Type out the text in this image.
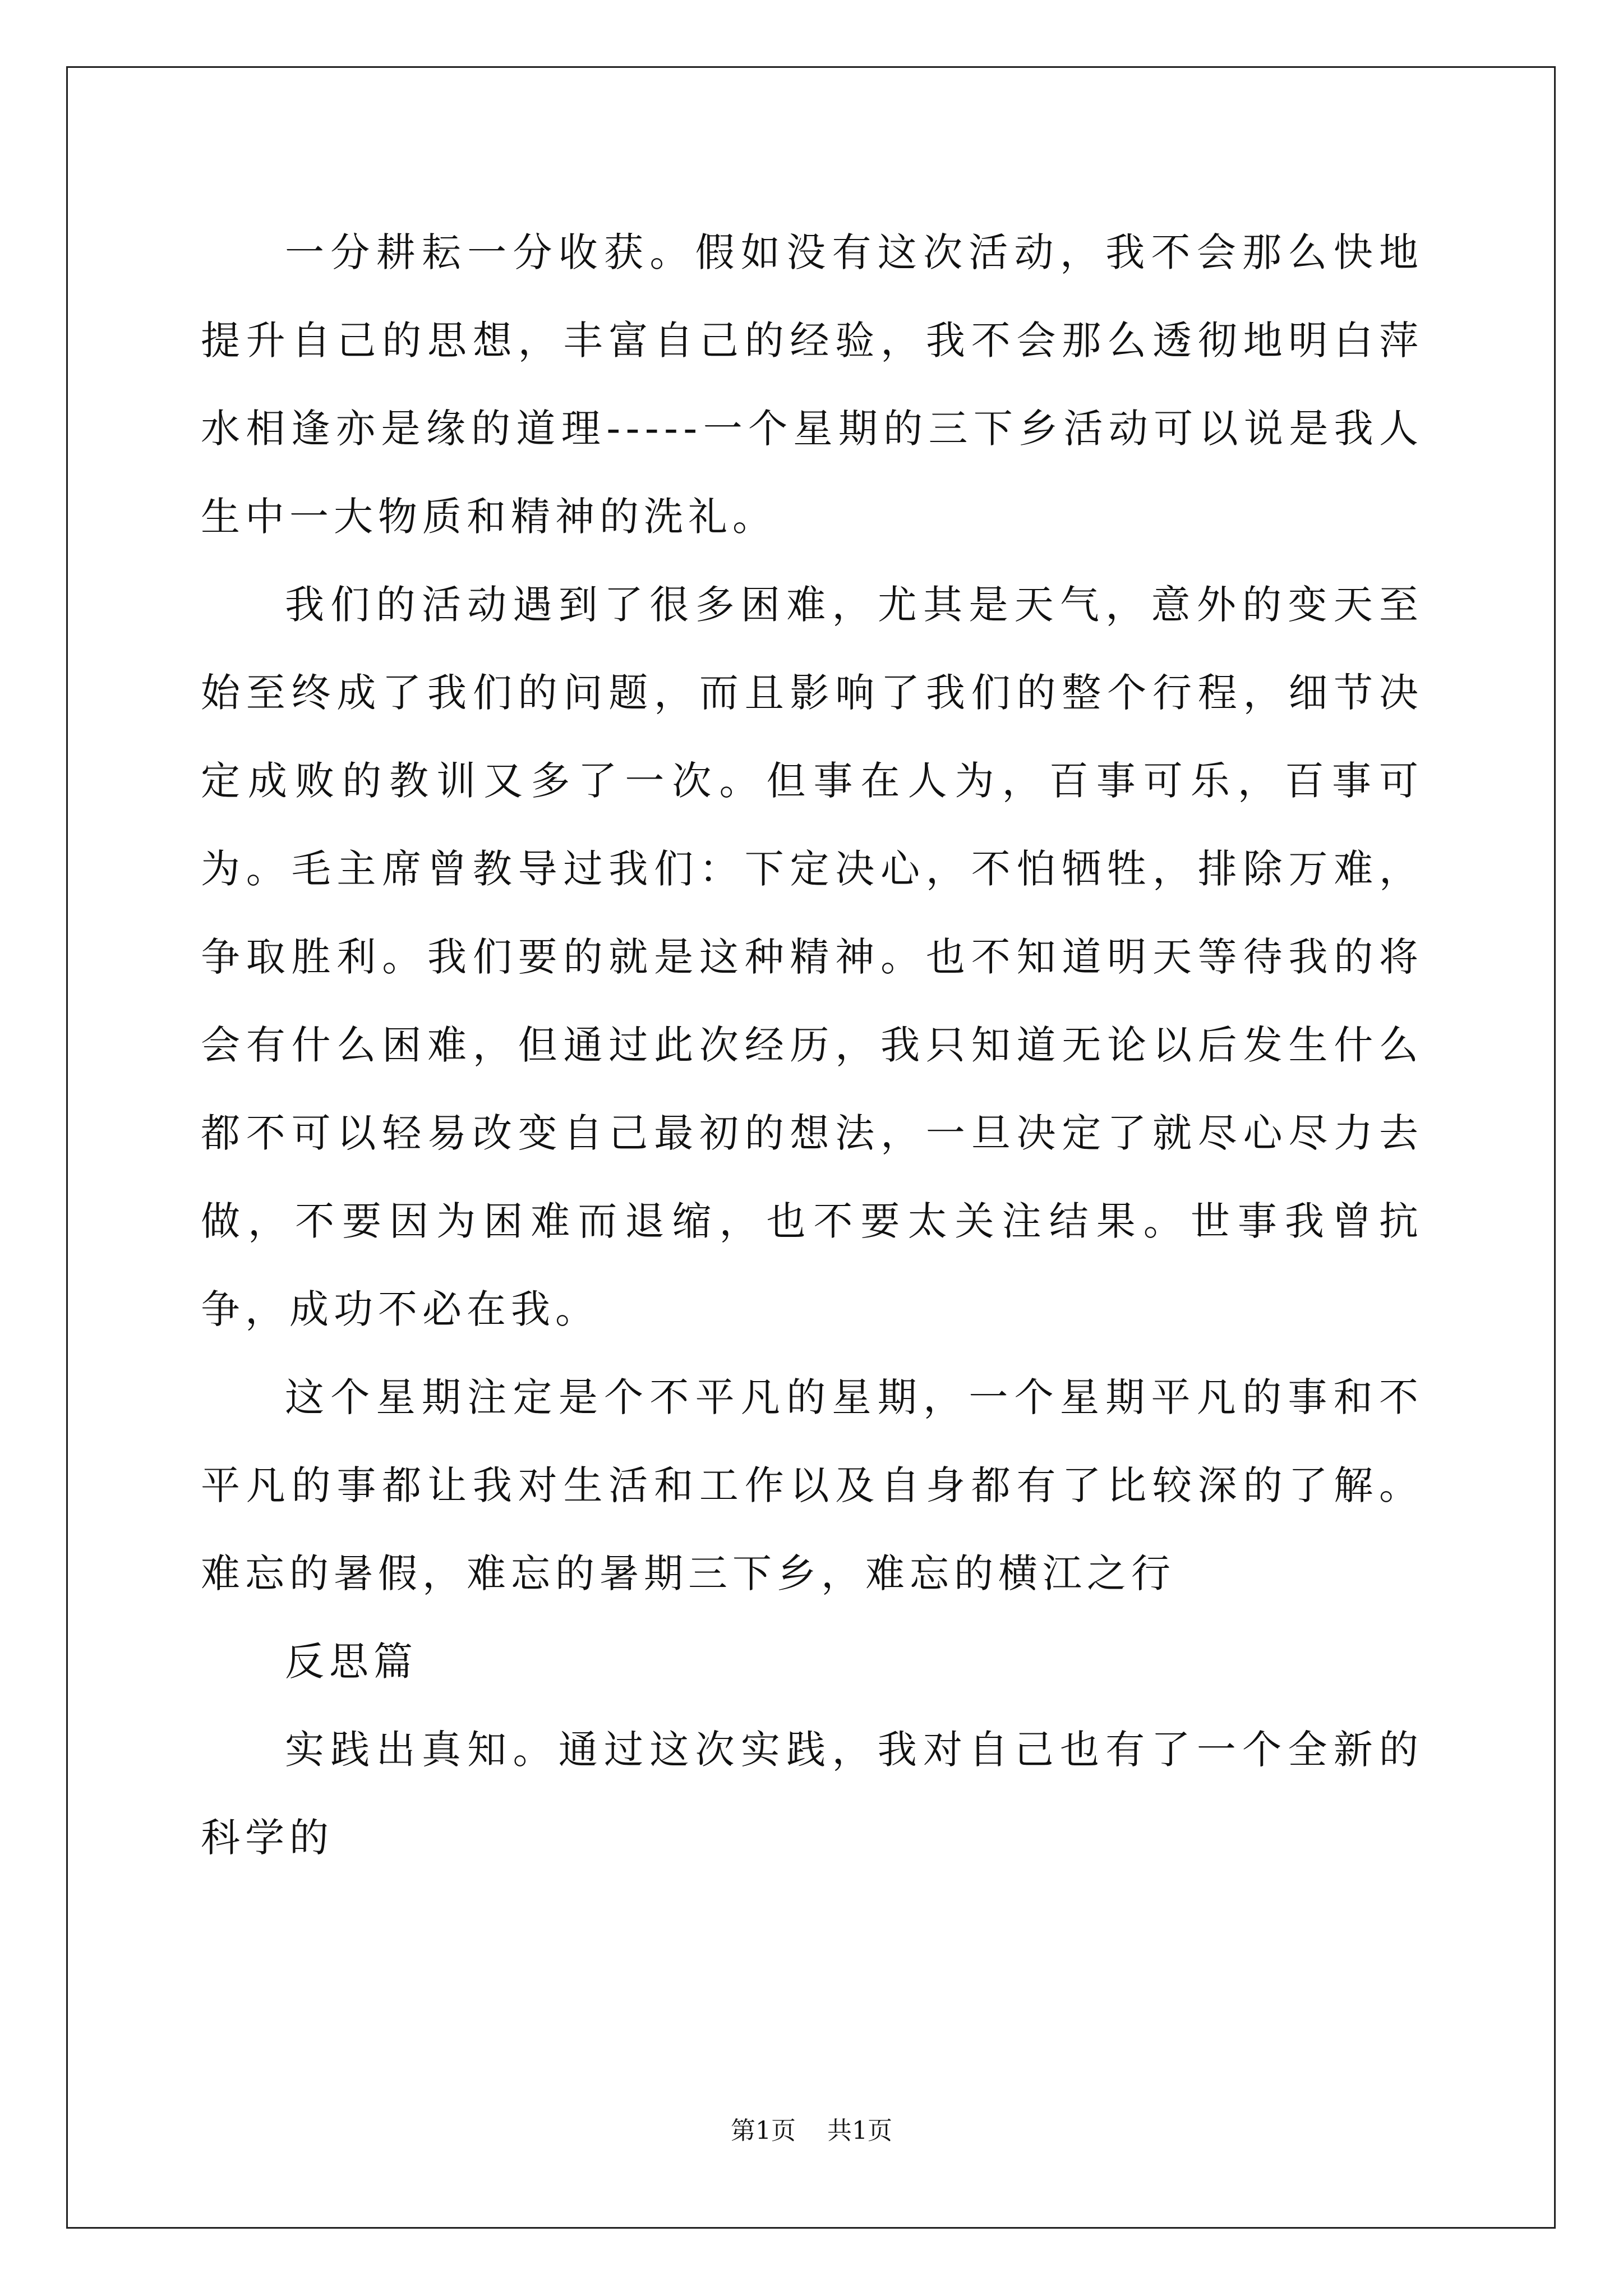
一分耕耘一分收获。假如没有这次活动，我不会那么快地提升自己的思想，丰富自己的经验，我不会那么透彻地明白萍水相逢亦是缘的道理-----一个星期的三下乡活动可以说是我人生中一大物质和精神的洗礼。

我们的活动遇到了很多困难，尤其是天气，意外的变天至始至终成了我们的问题，而且影响了我们的整个行程，细节决定成败的教训又多了一次。但事在人为，百事可乐，百事可为。毛主席曾教导过我们：下定决心，不怕牺牲，排除万难，争取胜利。我们要的就是这种精神。也不知道明天等待我的将会有什么困难，但通过此次经历，我只知道无论以后发生什么都不可以轻易改变自己最初的想法，一旦决定了就尽心尽力去做，不要因为困难而退缩，也不要太关注结果。世事我曾抗争，成功不必在我。

这个星期注定是个不平凡的星期，一个星期平凡的事和不平凡的事都让我对生活和工作以及自身都有了比较深的了解。难忘的暑假，难忘的暑期三下乡，难忘的横江之行

反思篇

实践出真知。通过这次实践，我对自己也有了一个全新的科学的

第1页 共1页
